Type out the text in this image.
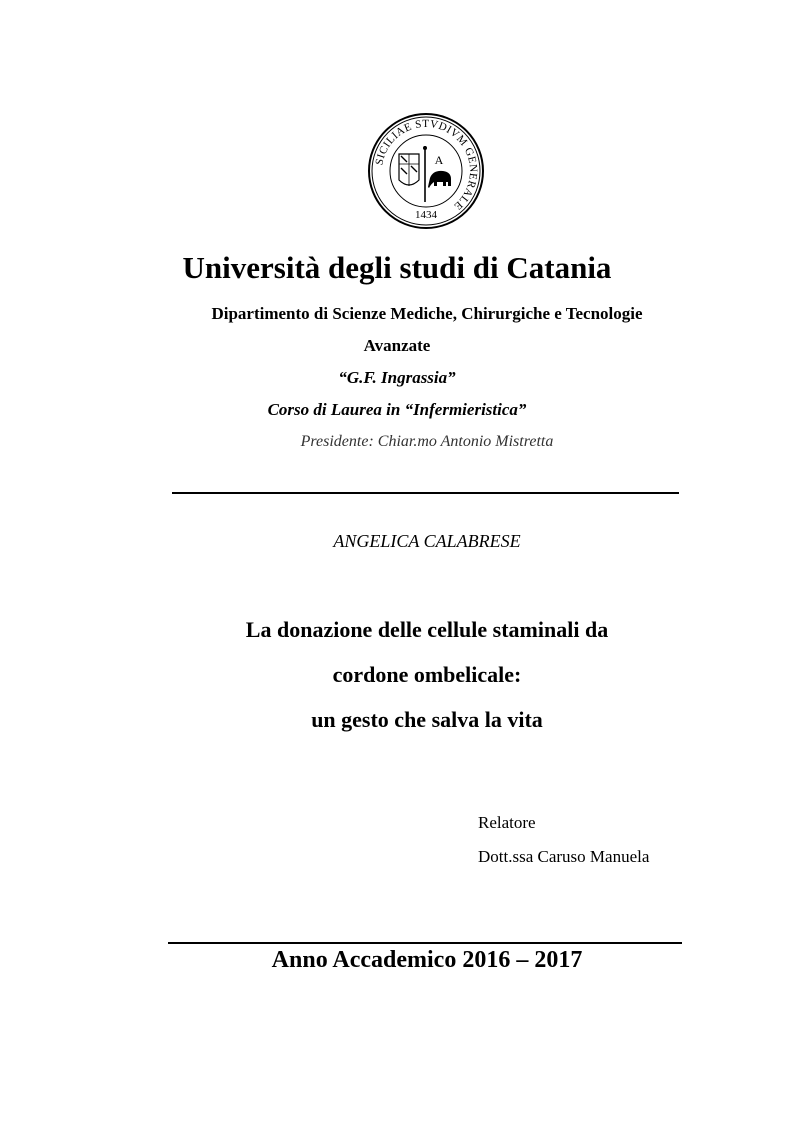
SICILIAE STVDIVM GENERALE
1434
A
Università degli studi di Catania
Dipartimento di Scienze Mediche, Chirurgiche e Tecnologie
Avanzate
“G.F. Ingrassia”
Corso di Laurea in “Infermieristica”
Presidente: Chiar.mo Antonio Mistretta
ANGELICA CALABRESE
La donazione delle cellule staminali da
cordone ombelicale:
un gesto che salva la vita
Relatore
Dott.ssa Caruso Manuela
Anno Accademico 2016 – 2017
